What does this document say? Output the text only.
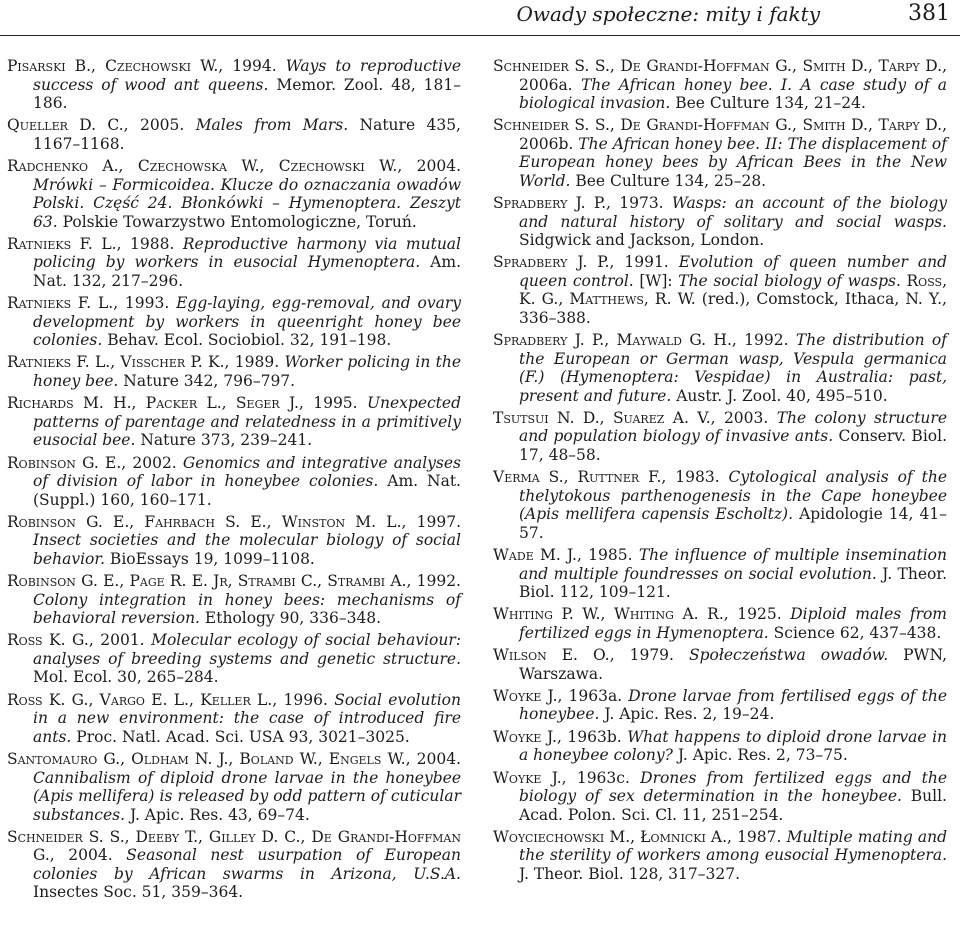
Owady społeczne: mity i fakty	381
Pisarski B., Czechowski W., 1994. Ways to reproductive success of wood ant queens. Memor. Zool. 48, 181–186.
Queller D. C., 2005. Males from Mars. Nature 435, 1167–1168.
Radchenko A., Czechowska W., Czechowski W., 2004. Mrówki – Formicoidea. Klucze do oznaczania owadów Polski. Część 24. Błonkówki – Hymenoptera. Zeszyt 63. Polskie Towarzystwo Entomologiczne, Toruń.
Ratnieks F. L., 1988. Reproductive harmony via mutual policing by workers in eusocial Hymenoptera. Am. Nat. 132, 217–296.
Ratnieks F. L., 1993. Egg-laying, egg-removal, and ovary development by workers in queenright honey bee colonies. Behav. Ecol. Sociobiol. 32, 191–198.
Ratnieks F. L., Visscher P. K., 1989. Worker policing in the honey bee. Nature 342, 796–797.
Richards M. H., Packer L., Seger J., 1995. Unexpected patterns of parentage and relatedness in a primitively eusocial bee. Nature 373, 239–241.
Robinson G. E., 2002. Genomics and integrative analyses of division of labor in honeybee colonies. Am. Nat. (Suppl.) 160, 160–171.
Robinson G. E., Fahrbach S. E., Winston M. L., 1997. Insect societies and the molecular biology of social behavior. BioEssays 19, 1099–1108.
Robinson G. E., Page R. E. Jr, Strambi C., Strambi A., 1992. Colony integration in honey bees: mechanisms of behavioral reversion. Ethology 90, 336–348.
Ross K. G., 2001. Molecular ecology of social behaviour: analyses of breeding systems and genetic structure. Mol. Ecol. 30, 265–284.
Ross K. G., Vargo E. L., Keller L., 1996. Social evolution in a new environment: the case of introduced fire ants. Proc. Natl. Acad. Sci. USA 93, 3021–3025.
Santomauro G., Oldham N. J., Boland W., Engels W., 2004. Cannibalism of diploid drone larvae in the honeybee (Apis mellifera) is released by odd pattern of cuticular substances. J. Apic. Res. 43, 69–74.
Schneider S. S., Deeby T., Gilley D. C., De Grandi-Hoffman G., 2004. Seasonal nest usurpation of European colonies by African swarms in Arizona, U.S.A. Insectes Soc. 51, 359–364.
Schneider S. S., De Grandi-Hoffman G., Smith D., Tarpy D., 2006a. The African honey bee. I. A case study of a biological invasion. Bee Culture 134, 21–24.
Schneider S. S., De Grandi-Hoffman G., Smith D., Tarpy D., 2006b. The African honey bee. II: The displacement of European honey bees by African Bees in the New World. Bee Culture 134, 25–28.
Spradbery J. P., 1973. Wasps: an account of the biology and natural history of solitary and social wasps. Sidgwick and Jackson, London.
Spradbery J. P., 1991. Evolution of queen number and queen control. [W]: The social biology of wasps. Ross, K. G., Matthews, R. W. (red.), Comstock, Ithaca, N. Y., 336–388.
Spradbery J. P., Maywald G. H., 1992. The distribution of the European or German wasp, Vespula germanica (F.) (Hymenoptera: Vespidae) in Australia: past, present and future. Austr. J. Zool. 40, 495–510.
Tsutsui N. D., Suarez A. V., 2003. The colony structure and population biology of invasive ants. Conserv. Biol. 17, 48–58.
Verma S., Ruttner F., 1983. Cytological analysis of the thelytokous parthenogenesis in the Cape honeybee (Apis mellifera capensis Escholtz). Apidologie 14, 41–57.
Wade M. J., 1985. The influence of multiple insemination and multiple foundresses on social evolution. J. Theor. Biol. 112, 109–121.
Whiting P. W., Whiting A. R., 1925. Diploid males from fertilized eggs in Hymenoptera. Science 62, 437–438.
Wilson E. O., 1979. Społeczeństwa owadów. PWN, Warszawa.
Woyke J., 1963a. Drone larvae from fertilised eggs of the honeybee. J. Apic. Res. 2, 19–24.
Woyke J., 1963b. What happens to diploid drone larvae in a honeybee colony? J. Apic. Res. 2, 73–75.
Woyke J., 1963c. Drones from fertilized eggs and the biology of sex determination in the honeybee. Bull. Acad. Polon. Sci. Cl. 11, 251–254.
Woyciechowski M., Łomnicki A., 1987. Multiple mating and the sterility of workers among eusocial Hymenoptera. J. Theor. Biol. 128, 317–327.
